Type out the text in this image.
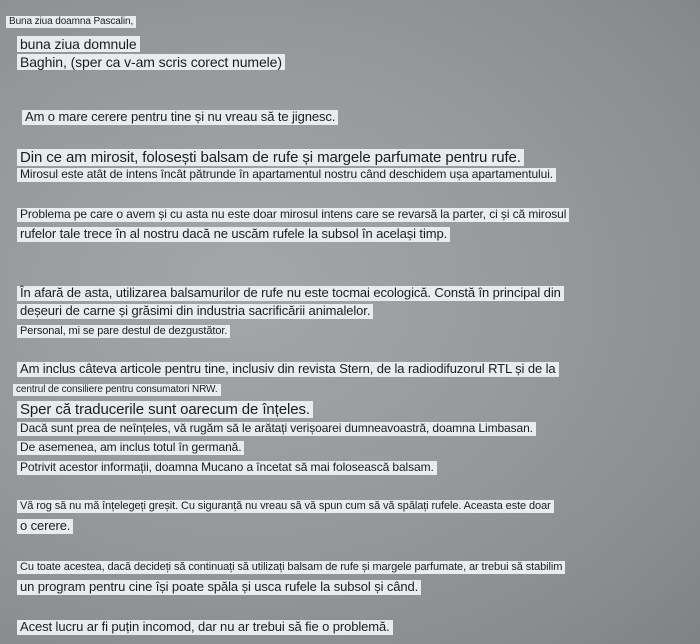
Buna ziua doamna Pascalin,
buna ziua domnule
Baghin, (sper ca v-am scris corect numele)
Am o mare cerere pentru tine și nu vreau să te jignesc.
Din ce am mirosit, folosești balsam de rufe și margele parfumate pentru rufe.
Mirosul este atât de intens încât pătrunde în apartamentul nostru când deschidem ușa apartamentului.
Problema pe care o avem și cu asta nu este doar mirosul intens care se revarsă la parter, ci și că mirosul
rufelor tale trece în al nostru dacă ne uscăm rufele la subsol în același timp.
În afară de asta, utilizarea balsamurilor de rufe nu este tocmai ecologică. Constă în principal din
deșeuri de carne și grăsimi din industria sacrificării animalelor.
Personal, mi se pare destul de dezgustător.
Am inclus câteva articole pentru tine, inclusiv din revista Stern, de la radiodifuzorul RTL și de la
centrul de consiliere pentru consumatori NRW.
Sper că traducerile sunt oarecum de înțeles.
Dacă sunt prea de neînțeles, vă rugăm să le arătați verișoarei dumneavoastră, doamna Limbasan.
De asemenea, am inclus totul în germană.
Potrivit acestor informații, doamna Mucano a încetat să mai folosească balsam.
Vă rog să nu mă înțelegeți greșit. Cu siguranță nu vreau să vă spun cum să vă spălați rufele. Aceasta este doar
o cerere.
Cu toate acestea, dacă decideți să continuați să utilizați balsam de rufe și margele parfumate, ar trebui să stabilim
un program pentru cine își poate spăla și usca rufele la subsol și când.
Acest lucru ar fi puțin incomod, dar nu ar trebui să fie o problemă.
